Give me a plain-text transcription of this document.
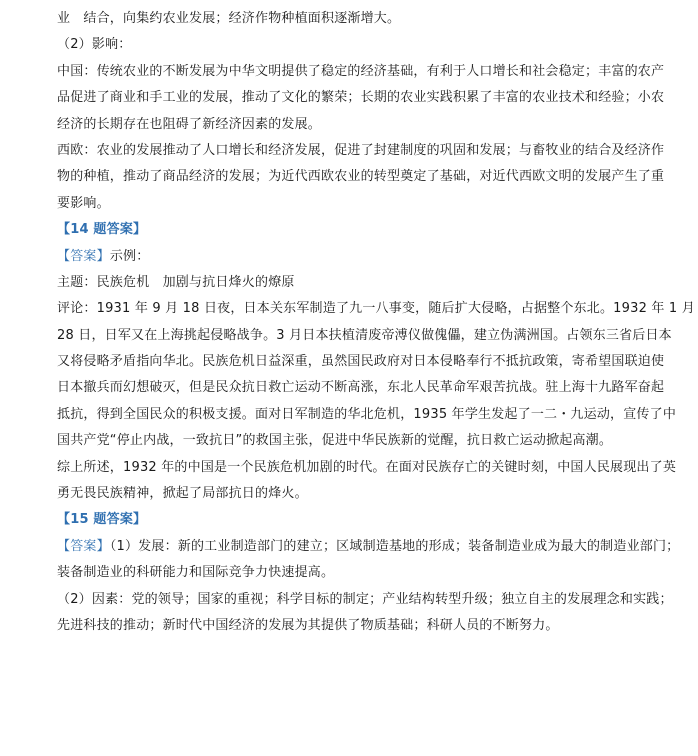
业　结合，向集约农业发展；经济作物种植面积逐渐增大。
（2）影响：
中国：传统农业的不断发展为中华文明提供了稳定的经济基础，有利于人口增长和社会稳定；丰富的农产
品促进了商业和手工业的发展，推动了文化的繁荣；长期的农业实践积累了丰富的农业技术和经验；小农
经济的长期存在也阻碍了新经济因素的发展。
西欧：农业的发展推动了人口增长和经济发展，促进了封建制度的巩固和发展；与畜牧业的结合及经济作
物的种植，推动了商品经济的发展；为近代西欧农业的转型奠定了基础，对近代西欧文明的发展产生了重
要影响。
【14 题答案】
【答案】示例：
主题：民族危机　加剧与抗日烽火的燎原
评论：1931 年 9 月 18 日夜，日本关东军制造了九一八事变，随后扩大侵略，占据整个东北。1932 年 1 月
28 日，日军又在上海挑起侵略战争。3 月日本扶植清废帝溥仪做傀儡，建立伪满洲国。占领东三省后日本
又将侵略矛盾指向华北。民族危机日益深重，虽然国民政府对日本侵略奉行不抵抗政策，寄希望国联迫使
日本撤兵而幻想破灭，但是民众抗日救亡运动不断高涨，东北人民革命军艰苦抗战。驻上海十九路军奋起
抵抗，得到全国民众的积极支援。面对日军制造的华北危机，1935 年学生发起了一二・九运动，宣传了中
国共产党“停止内战，一致抗日”的救国主张，促进中华民族新的觉醒，抗日救亡运动掀起高潮。
综上所述，1932 年的中国是一个民族危机加剧的时代。在面对民族存亡的关键时刻，中国人民展现出了英
勇无畏民族精神，掀起了局部抗日的烽火。
【15 题答案】
【答案】（1）发展：新的工业制造部门的建立；区域制造基地的形成；装备制造业成为最大的制造业部门；
装备制造业的科研能力和国际竞争力快速提高。
（2）因素：党的领导；国家的重视；科学目标的制定；产业结构转型升级；独立自主的发展理念和实践；
先进科技的推动；新时代中国经济的发展为其提供了物质基础；科研人员的不断努力。
